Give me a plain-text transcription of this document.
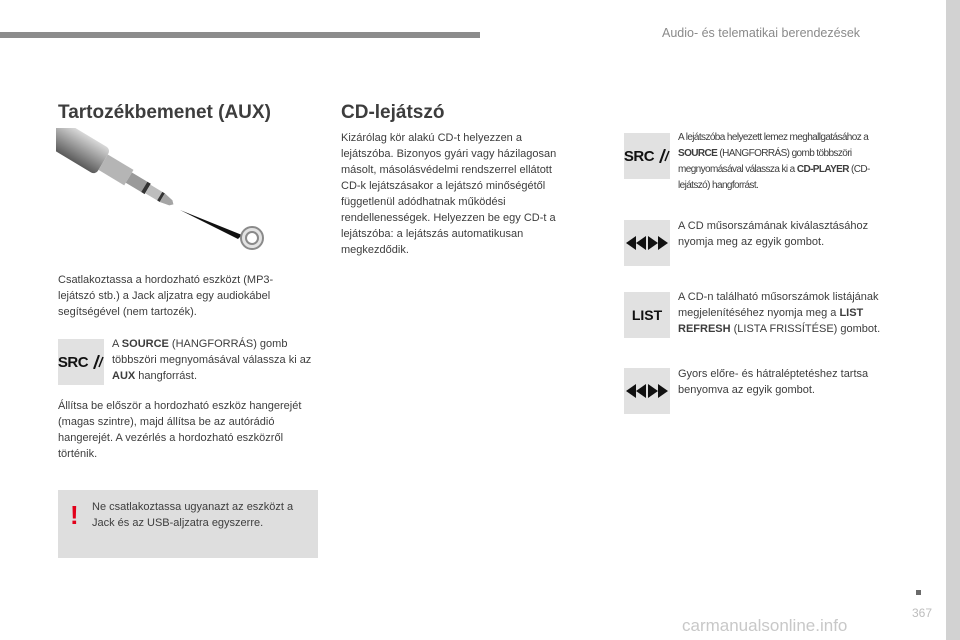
Audio- és telematikai berendezések
Tartozékbemenet (AUX)
Csatlakoztassa a hordozható eszközt (MP3-lejátszó stb.) a Jack aljzatra egy audiokábel segítségével (nem tartozék).
SRC
A SOURCE (HANGFORRÁS) gomb többszöri megnyomásával válassza ki az AUX hangforrást.
Állítsa be először a hordozható eszköz hangerejét (magas szintre), majd állítsa be az autórádió hangerejét. A vezérlés a hordozható eszközről történik.
! Ne csatlakoztassa ugyanazt az eszközt a Jack és az USB-aljzatra egyszerre.
CD-lejátszó
Kizárólag kör alakú CD-t helyezzen a lejátszóba. Bizonyos gyári vagy házilagosan másolt, másolásvédelmi rendszerrel ellátott CD-k lejátszásakor a lejátszó minőségétől függetlenül adódhatnak működési rendellenességek. Helyezzen be egy CD-t a lejátszóba: a lejátszás automatikusan megkezdődik.
SRC
A lejátszóba helyezett lemez meghallgatásához a SOURCE (HANGFORRÁS) gomb többszöri megnyomásával válassza ki a CD-PLAYER (CD-lejátszó) hangforrást.
A CD műsorszámának kiválasztásához nyomja meg az egyik gombot.
LIST
A CD-n található műsorszámok listájának megjelenítéséhez nyomja meg a LIST REFRESH (LISTA FRISSÍTÉSE) gombot.
Gyors előre- és hátraléptetéshez tartsa benyomva az egyik gombot.
367
carmanualsonline.info
